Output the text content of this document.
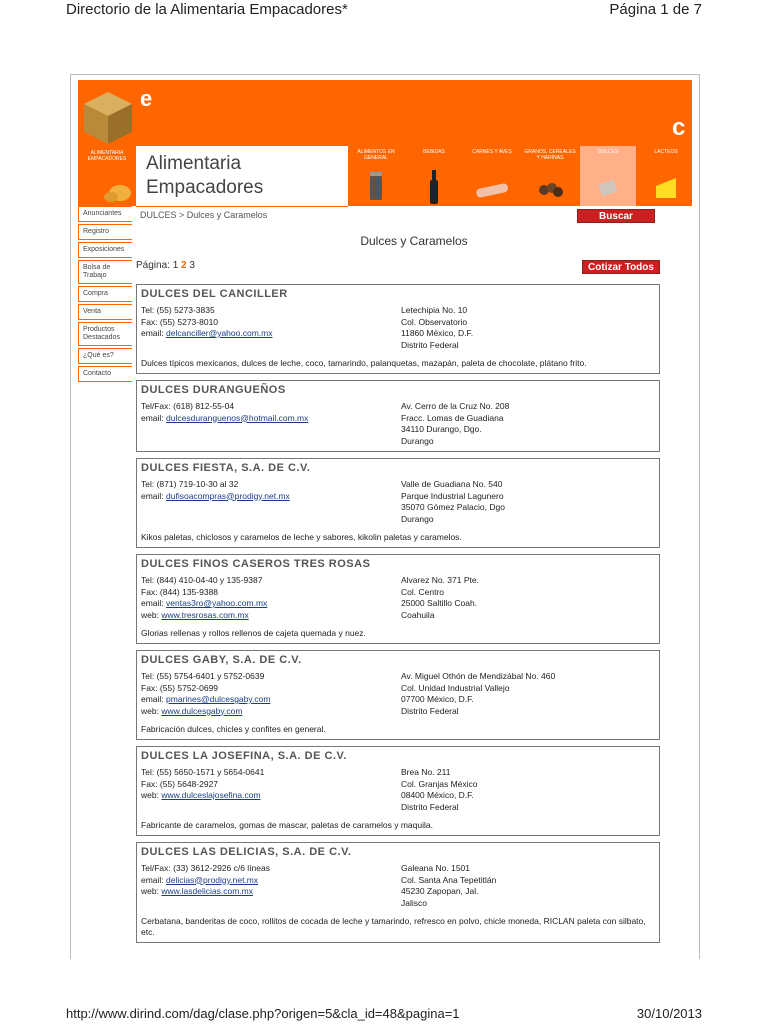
Directorio de la Alimentaria Empacadores*	Página 1 de 7
e
c
ALIMENTARIA EMPACADORES	Alimentaria
Empacadores
ALIMENTOS EN GENERAL
BEBIDAS	CARNES Y AVES	GRANOS, CEREALES Y HARINAS
DULCES	LACTEOS
Anunciantes
Registro
Exposiciones
Bolsa de Trabajo
Compra
Venta
Productos Destacados
¿Qué es?
Contacto
DULCES > Dulces y Caramelos	Buscar
Dulces y Caramelos
Página: 1 2 3	Cotizar Todos
DULCES DEL CANCILLER
Tel: (55) 5273-3835
Fax: (55) 5273-8010
email: delcanciller@yahoo.com.mx
Letechipia No. 10
Col. Observatorio
11860 México, D.F.
Distrito Federal
Dulces típicos mexicanos, dulces de leche, coco, tamarindo, palanquetas, mazapán, paleta de chocolate, plátano frito.
DULCES DURANGUEÑOS
Tel/Fax: (618) 812-55-04
email: dulcesduranguenos@hotmail.com.mx
Av. Cerro de la Cruz No. 208
Fracc. Lomas de Guadiana
34110 Durango, Dgo.
Durango
DULCES FIESTA, S.A. DE C.V.
Tel: (871) 719-10-30 al 32
email: dufisoacompras@prodigy.net.mx
Valle de Guadiana No. 540
Parque Industrial Lagunero
35070 Gómez Palacio, Dgo
Durango
Kikos paletas, chiclosos y caramelos de leche y sabores, kikolin paletas y caramelos.
DULCES FINOS CASEROS TRES ROSAS
Tel: (844) 410-04-40 y 135-9387
Fax: (844) 135-9388
email: ventas3ro@yahoo.com.mx
web: www.tresrosas.com.mx
Alvarez No. 371 Pte.
Col. Centro
25000 Saltillo Coah.
Coahuila
Glorias rellenas y rollos rellenos de cajeta quemada y nuez.
DULCES GABY, S.A. DE C.V.
Tel: (55) 5754-6401 y 5752-0639
Fax: (55) 5752-0699
email: pmarines@dulcesgaby.com
web: www.dulcesgaby.com
Av. Miguel Othón de Mendizábal No. 460
Col. Unidad Industrial Vallejo
07700 México, D.F.
Distrito Federal
Fabricación dulces, chicles y confites en general.
DULCES LA JOSEFINA, S.A. DE C.V.
Tel: (55) 5650-1571 y 5654-0641
Fax: (55) 5648-2927
web: www.dulceslajosefina.com
Brea No. 211
Col. Granjas México
08400 México, D.F.
Distrito Federal
Fabricante de caramelos, gomas de mascar, paletas de caramelos y maquila.
DULCES LAS DELICIAS, S.A. DE C.V.
Tel/Fax: (33) 3612-2926 c/6 líneas
email: delicias@prodigy.net.mx
web: www.lasdelicias.com.mx
Galeana No. 1501
Col. Santa Ana Tepetitlán
45230 Zapopan, Jal.
Jalisco
Cerbatana, banderitas de coco, rollitos de cocada de leche y tamarindo, refresco en polvo, chicle moneda, RICLAN paleta con silbato, etc.
http://www.dirind.com/dag/clase.php?origen=5&cla_id=48&pagina=1	30/10/2013
